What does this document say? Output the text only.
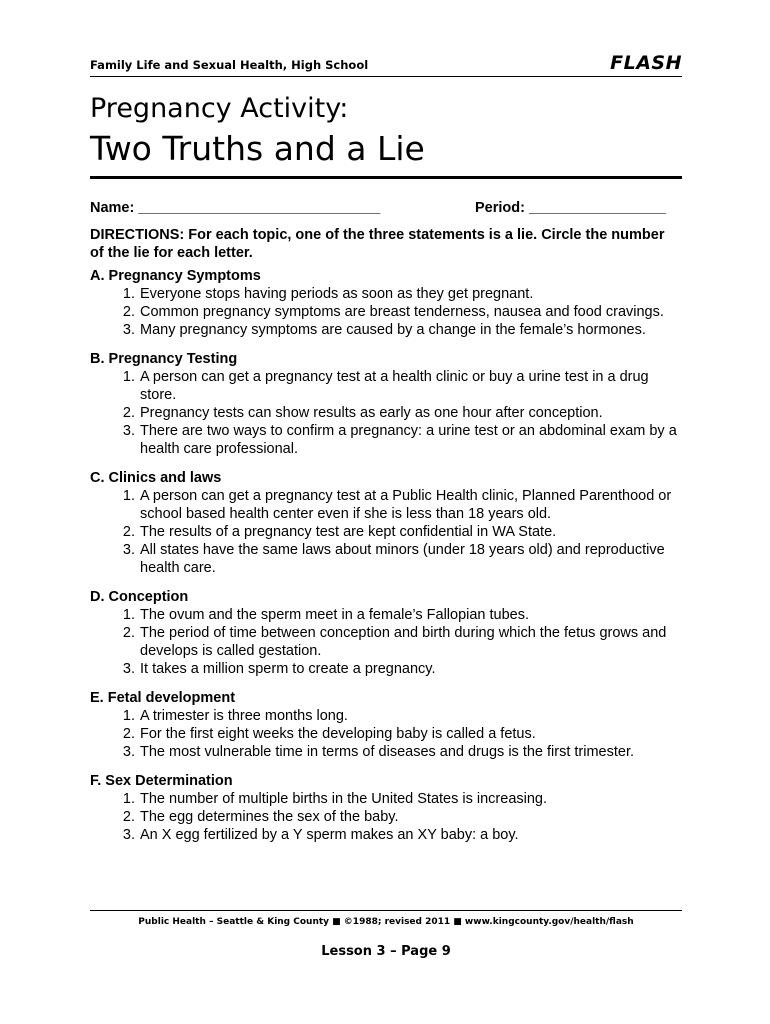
Family Life and Sexual Health, High School	FLASH
Pregnancy Activity:
Two Truths and a Lie
Name: ______________________________	Period: _________________
DIRECTIONS: For each topic, one of the three statements is a lie. Circle the number of the lie for each letter.
A. Pregnancy Symptoms
1. Everyone stops having periods as soon as they get pregnant.
2. Common pregnancy symptoms are breast tenderness, nausea and food cravings.
3. Many pregnancy symptoms are caused by a change in the female’s hormones.
B. Pregnancy Testing
1. A person can get a pregnancy test at a health clinic or buy a urine test in a drug store.
2. Pregnancy tests can show results as early as one hour after conception.
3. There are two ways to confirm a pregnancy: a urine test or an abdominal exam by a health care professional.
C. Clinics and laws
1. A person can get a pregnancy test at a Public Health clinic, Planned Parenthood or school based health center even if she is less than 18 years old.
2. The results of a pregnancy test are kept confidential in WA State.
3. All states have the same laws about minors (under 18 years old) and reproductive health care.
D. Conception
1. The ovum and the sperm meet in a female’s Fallopian tubes.
2. The period of time between conception and birth during which the fetus grows and develops is called gestation.
3. It takes a million sperm to create a pregnancy.
E. Fetal development
1. A trimester is three months long.
2. For the first eight weeks the developing baby is called a fetus.
3. The most vulnerable time in terms of diseases and drugs is the first trimester.
F. Sex Determination
1. The number of multiple births in the United States is increasing.
2. The egg determines the sex of the baby.
3. An X egg fertilized by a Y sperm makes an XY baby: a boy.
Public Health – Seattle & King County ■ ©1988; revised 2011 ■ www.kingcounty.gov/health/flash
Lesson 3 – Page 9
